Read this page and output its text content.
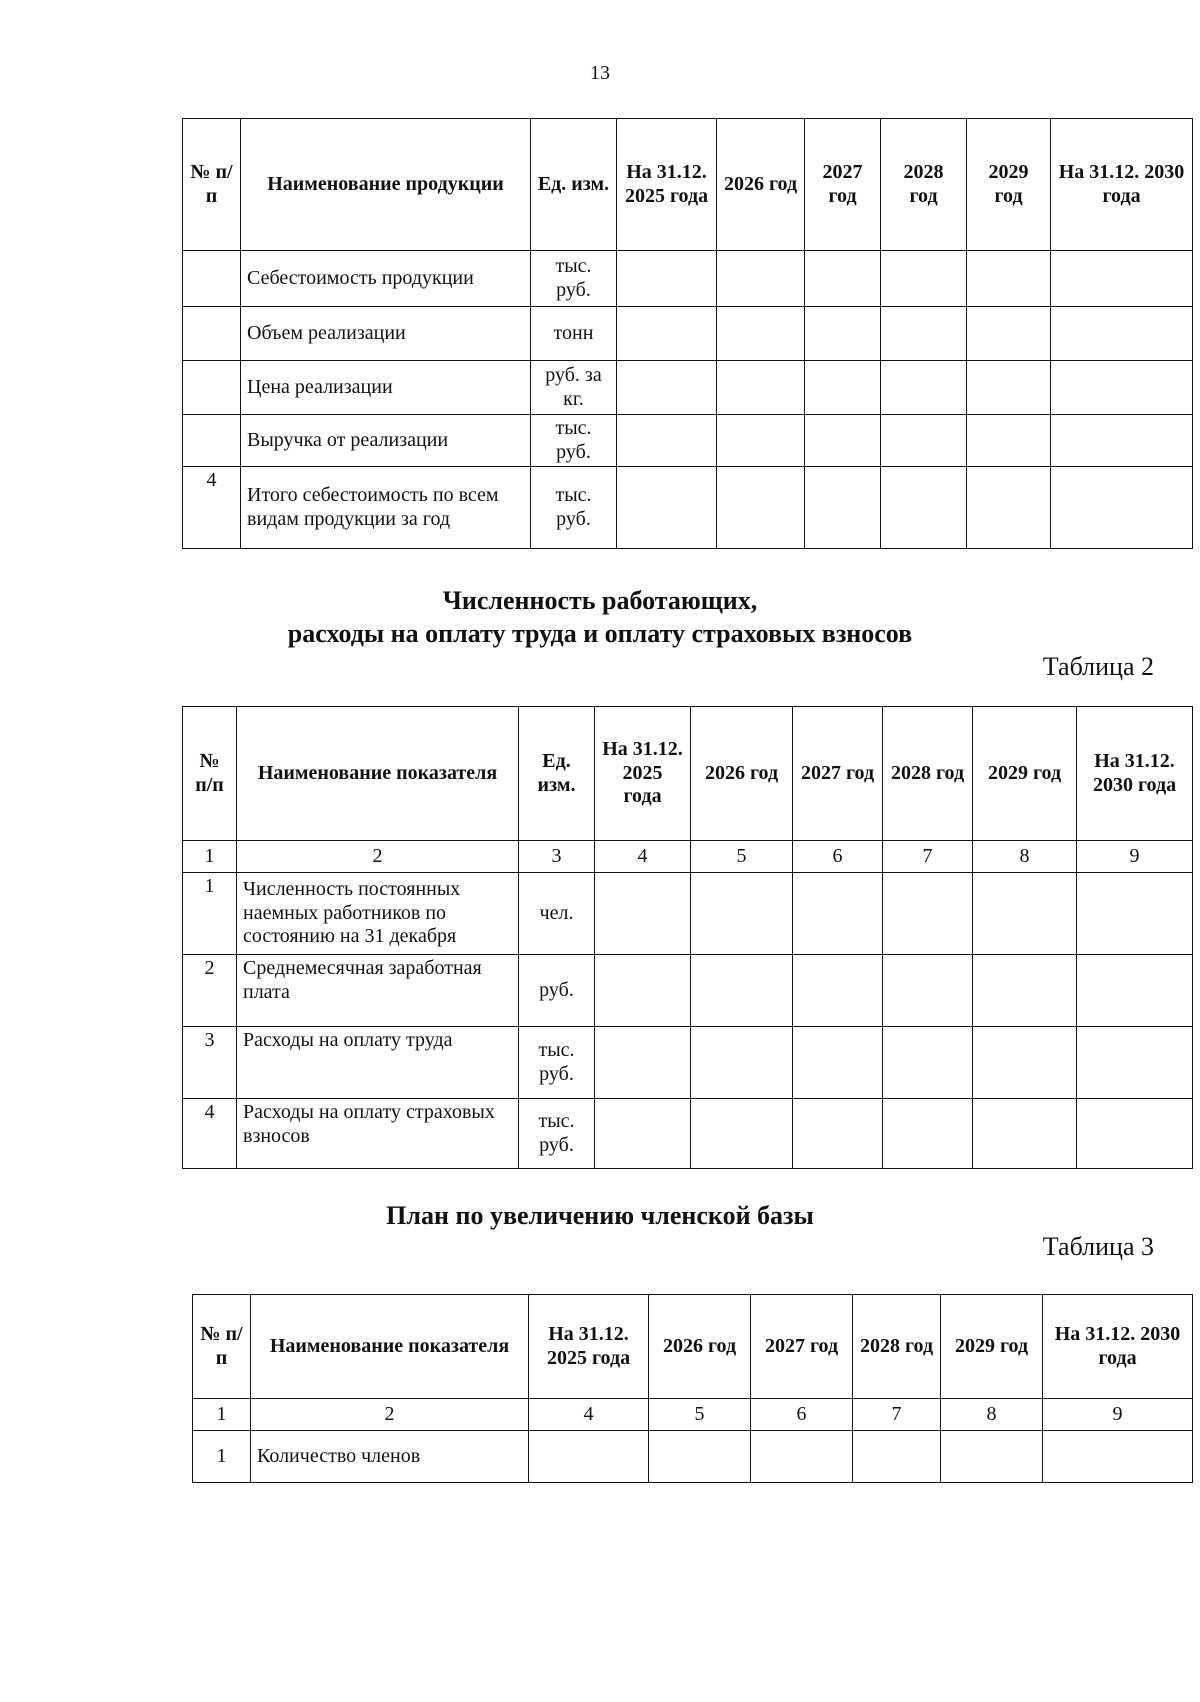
13
№ п/п	Наименование продукции	Ед. изм.	На 31.12. 2025 года	2026 год	2027 год	2028 год	2029 год	На 31.12. 2030 года
	Себестоимость продукции	тыс. руб.						
	Объем реализации	тонн						
	Цена реализации	руб. за кг.						
	Выручка от реализации	тыс. руб.						
4	Итого себестоимость по всем видам продукции за год	тыс. руб.						
Численность работающих,
расходы на оплату труда и оплату страховых взносов
Таблица 2
№ п/п	Наименование показателя	Ед. изм.	На 31.12. 2025 года	2026 год	2027 год	2028 год	2029 год	На 31.12. 2030 года
1	2	3	4	5	6	7	8	9
1	Численность постоянных наемных работников по состоянию на 31 декабря	чел.						
2	Среднемесячная заработная плата	руб.						
3	Расходы на оплату труда	тыс. руб.						
4	Расходы на оплату страховых взносов	тыс. руб.						
План по увеличению членской базы
Таблица 3
№ п/п	Наименование показателя	На 31.12. 2025 года	2026 год	2027 год	2028 год	2029 год	На 31.12. 2030 года
1	2	4	5	6	7	8	9
1	Количество членов						
